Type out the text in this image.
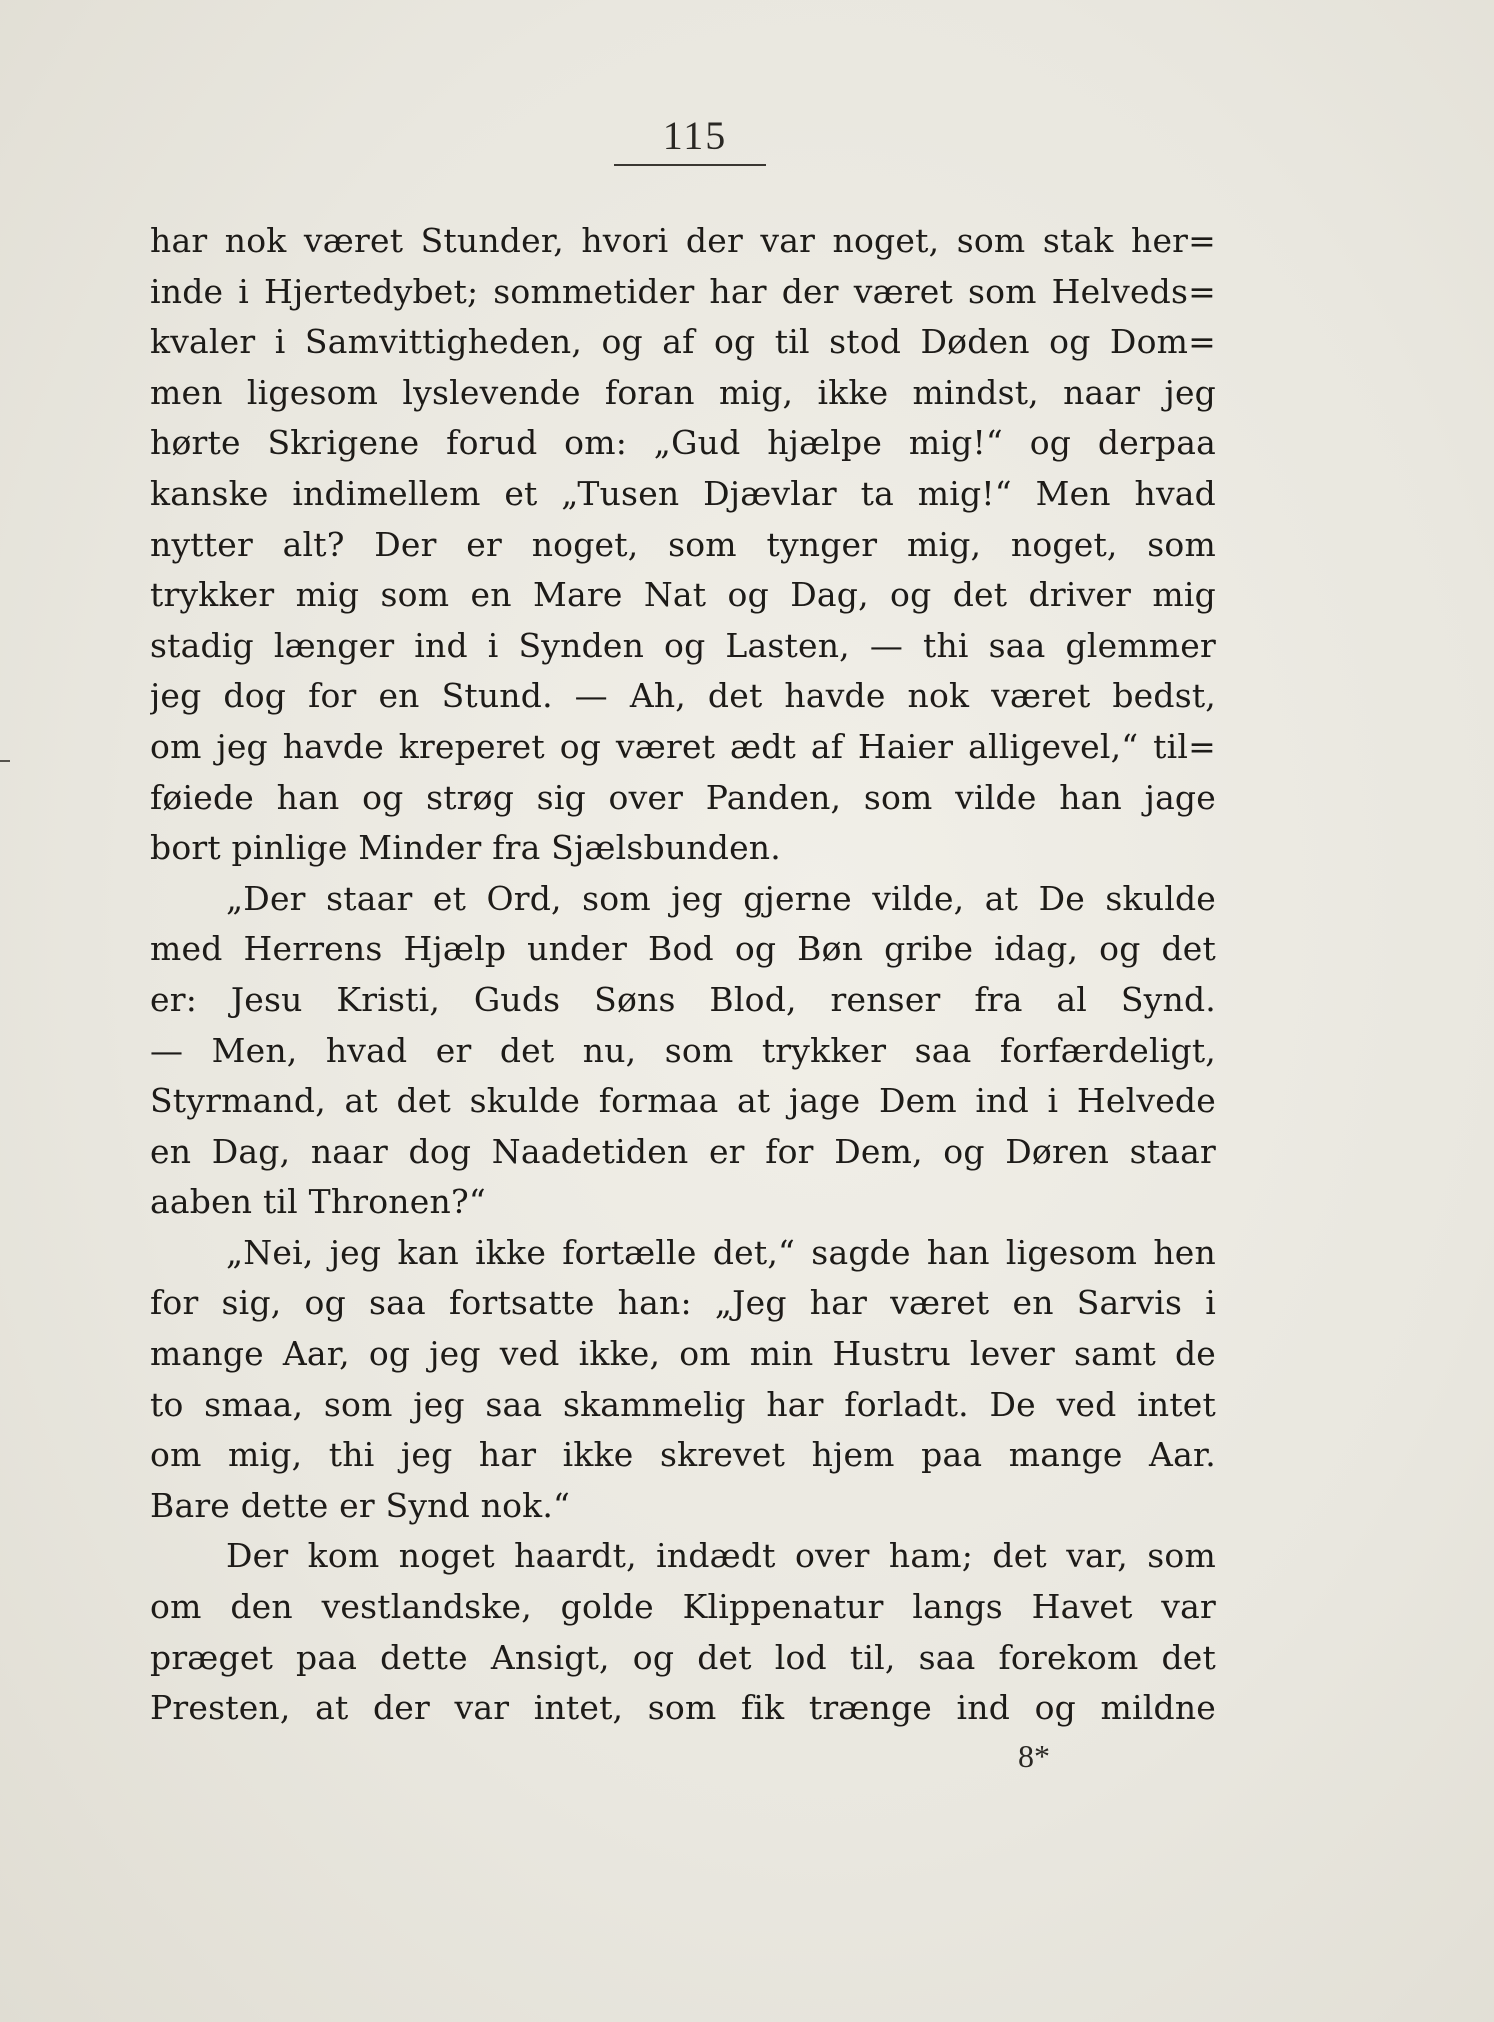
115
har nok været Stunder, hvori der var noget, som stak her=
inde i Hjertedybet; sommetider har der været som Helveds=
kvaler i Samvittigheden, og af og til stod Døden og Dom=
men ligesom lyslevende foran mig, ikke mindst, naar jeg
hørte Skrigene forud om: „Gud hjælpe mig!“ og derpaa
kanske indimellem et „Tusen Djævlar ta mig!“ Men hvad
nytter alt? Der er noget, som tynger mig, noget, som
trykker mig som en Mare Nat og Dag, og det driver mig
stadig længer ind i Synden og Lasten, — thi saa glemmer
jeg dog for en Stund. — Ah, det havde nok været bedst,
om jeg havde kreperet og været ædt af Haier alligevel,“ til=
føiede han og strøg sig over Panden, som vilde han jage
bort pinlige Minder fra Sjælsbunden.
„Der staar et Ord, som jeg gjerne vilde, at De skulde
med Herrens Hjælp under Bod og Bøn gribe idag, og det
er: Jesu Kristi, Guds Søns Blod, renser fra al Synd.
— Men, hvad er det nu, som trykker saa forfærdeligt,
Styrmand, at det skulde formaa at jage Dem ind i Helvede
en Dag, naar dog Naadetiden er for Dem, og Døren staar
aaben til Thronen?“
„Nei, jeg kan ikke fortælle det,“ sagde han ligesom hen
for sig, og saa fortsatte han: „Jeg har været en Sarvis i
mange Aar, og jeg ved ikke, om min Hustru lever samt de
to smaa, som jeg saa skammelig har forladt. De ved intet
om mig, thi jeg har ikke skrevet hjem paa mange Aar.
Bare dette er Synd nok.“
Der kom noget haardt, indædt over ham; det var, som
om den vestlandske, golde Klippenatur langs Havet var
præget paa dette Ansigt, og det lod til, saa forekom det
Presten, at der var intet, som fik trænge ind og mildne
8*
